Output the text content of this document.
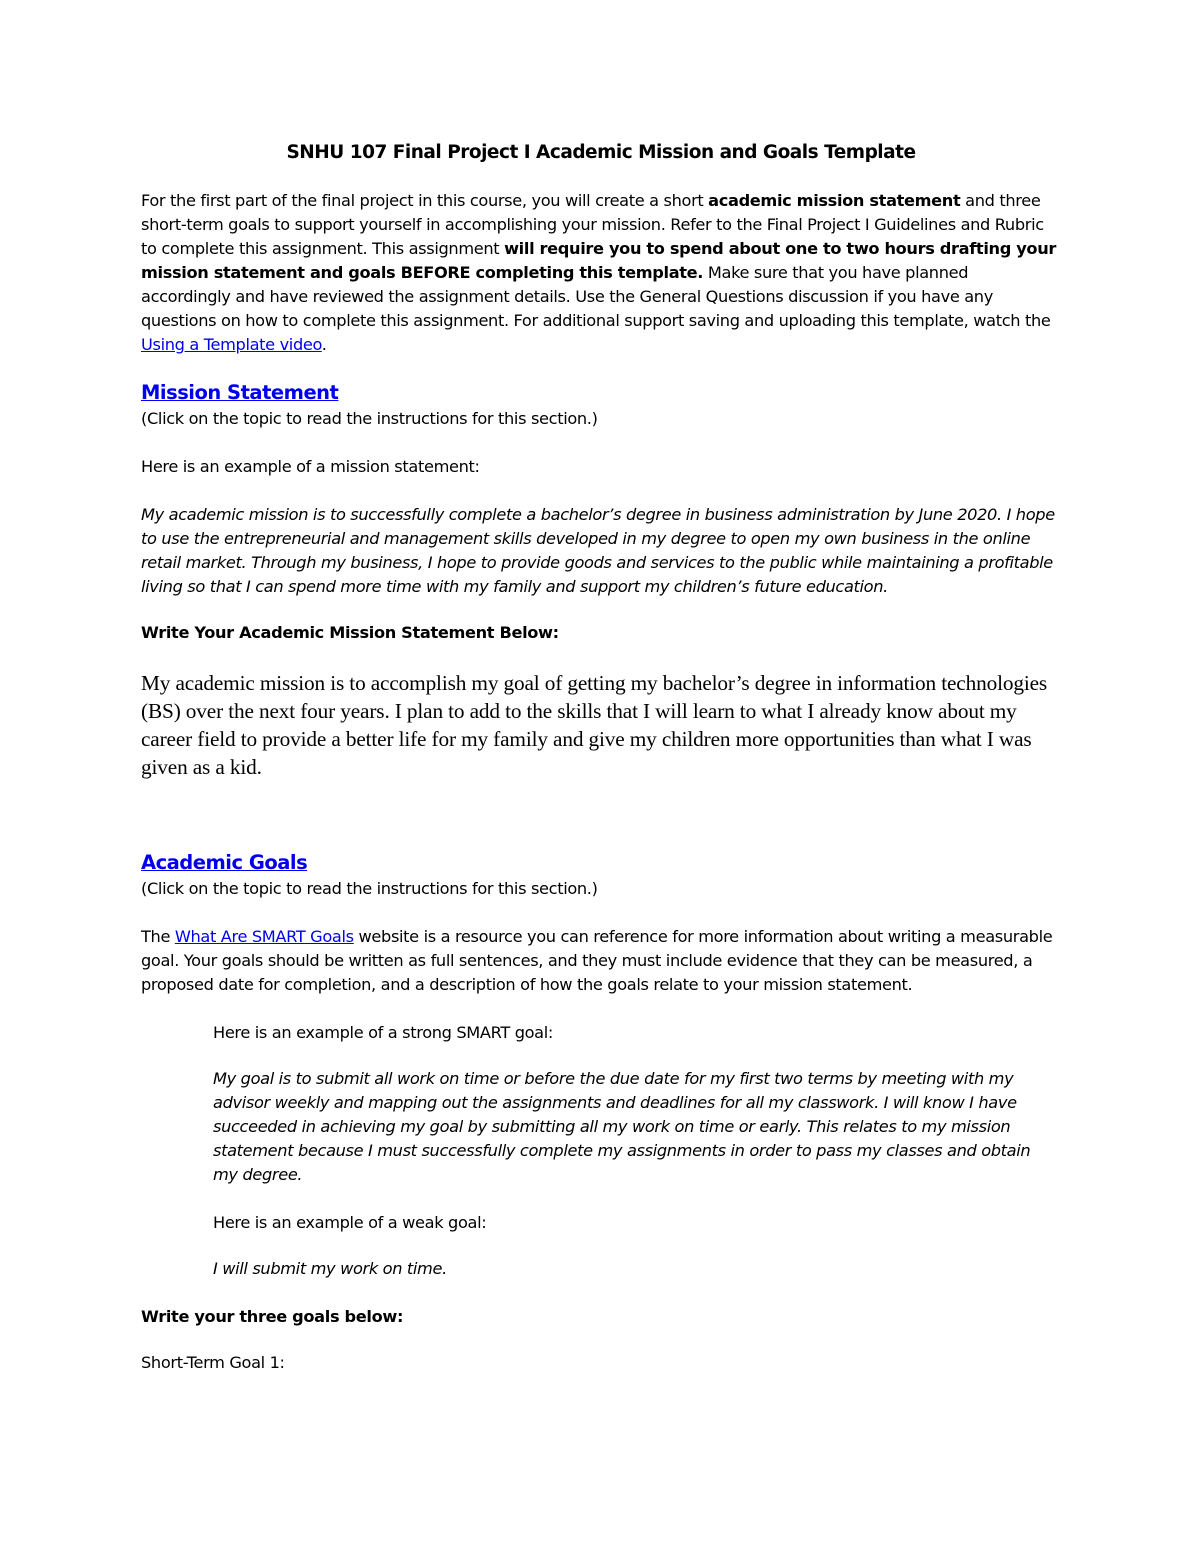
SNHU 107 Final Project I Academic Mission and Goals Template

For the first part of the final project in this course, you will create a short academic mission statement and three short-term goals to support yourself in accomplishing your mission. Refer to the Final Project I Guidelines and Rubric to complete this assignment. This assignment will require you to spend about one to two hours drafting your mission statement and goals BEFORE completing this template. Make sure that you have planned accordingly and have reviewed the assignment details. Use the General Questions discussion if you have any questions on how to complete this assignment. For additional support saving and uploading this template, watch the Using a Template video.

Mission Statement

(Click on the topic to read the instructions for this section.)

Here is an example of a mission statement:

My academic mission is to successfully complete a bachelor’s degree in business administration by June 2020. I hope to use the entrepreneurial and management skills developed in my degree to open my own business in the online retail market. Through my business, I hope to provide goods and services to the public while maintaining a profitable living so that I can spend more time with my family and support my children’s future education.

Write Your Academic Mission Statement Below:

My academic mission is to accomplish my goal of getting my bachelor’s degree in information technologies (BS) over the next four years. I plan to add to the skills that I will learn to what I already know about my career field to provide a better life for my family and give my children more opportunities than what I was given as a kid.

Academic Goals

(Click on the topic to read the instructions for this section.)

The What Are SMART Goals website is a resource you can reference for more information about writing a measurable goal. Your goals should be written as full sentences, and they must include evidence that they can be measured, a proposed date for completion, and a description of how the goals relate to your mission statement.

Here is an example of a strong SMART goal:

My goal is to submit all work on time or before the due date for my first two terms by meeting with my advisor weekly and mapping out the assignments and deadlines for all my classwork. I will know I have succeeded in achieving my goal by submitting all my work on time or early. This relates to my mission statement because I must successfully complete my assignments in order to pass my classes and obtain my degree.

Here is an example of a weak goal:

I will submit my work on time.

Write your three goals below:

Short-Term Goal 1:
